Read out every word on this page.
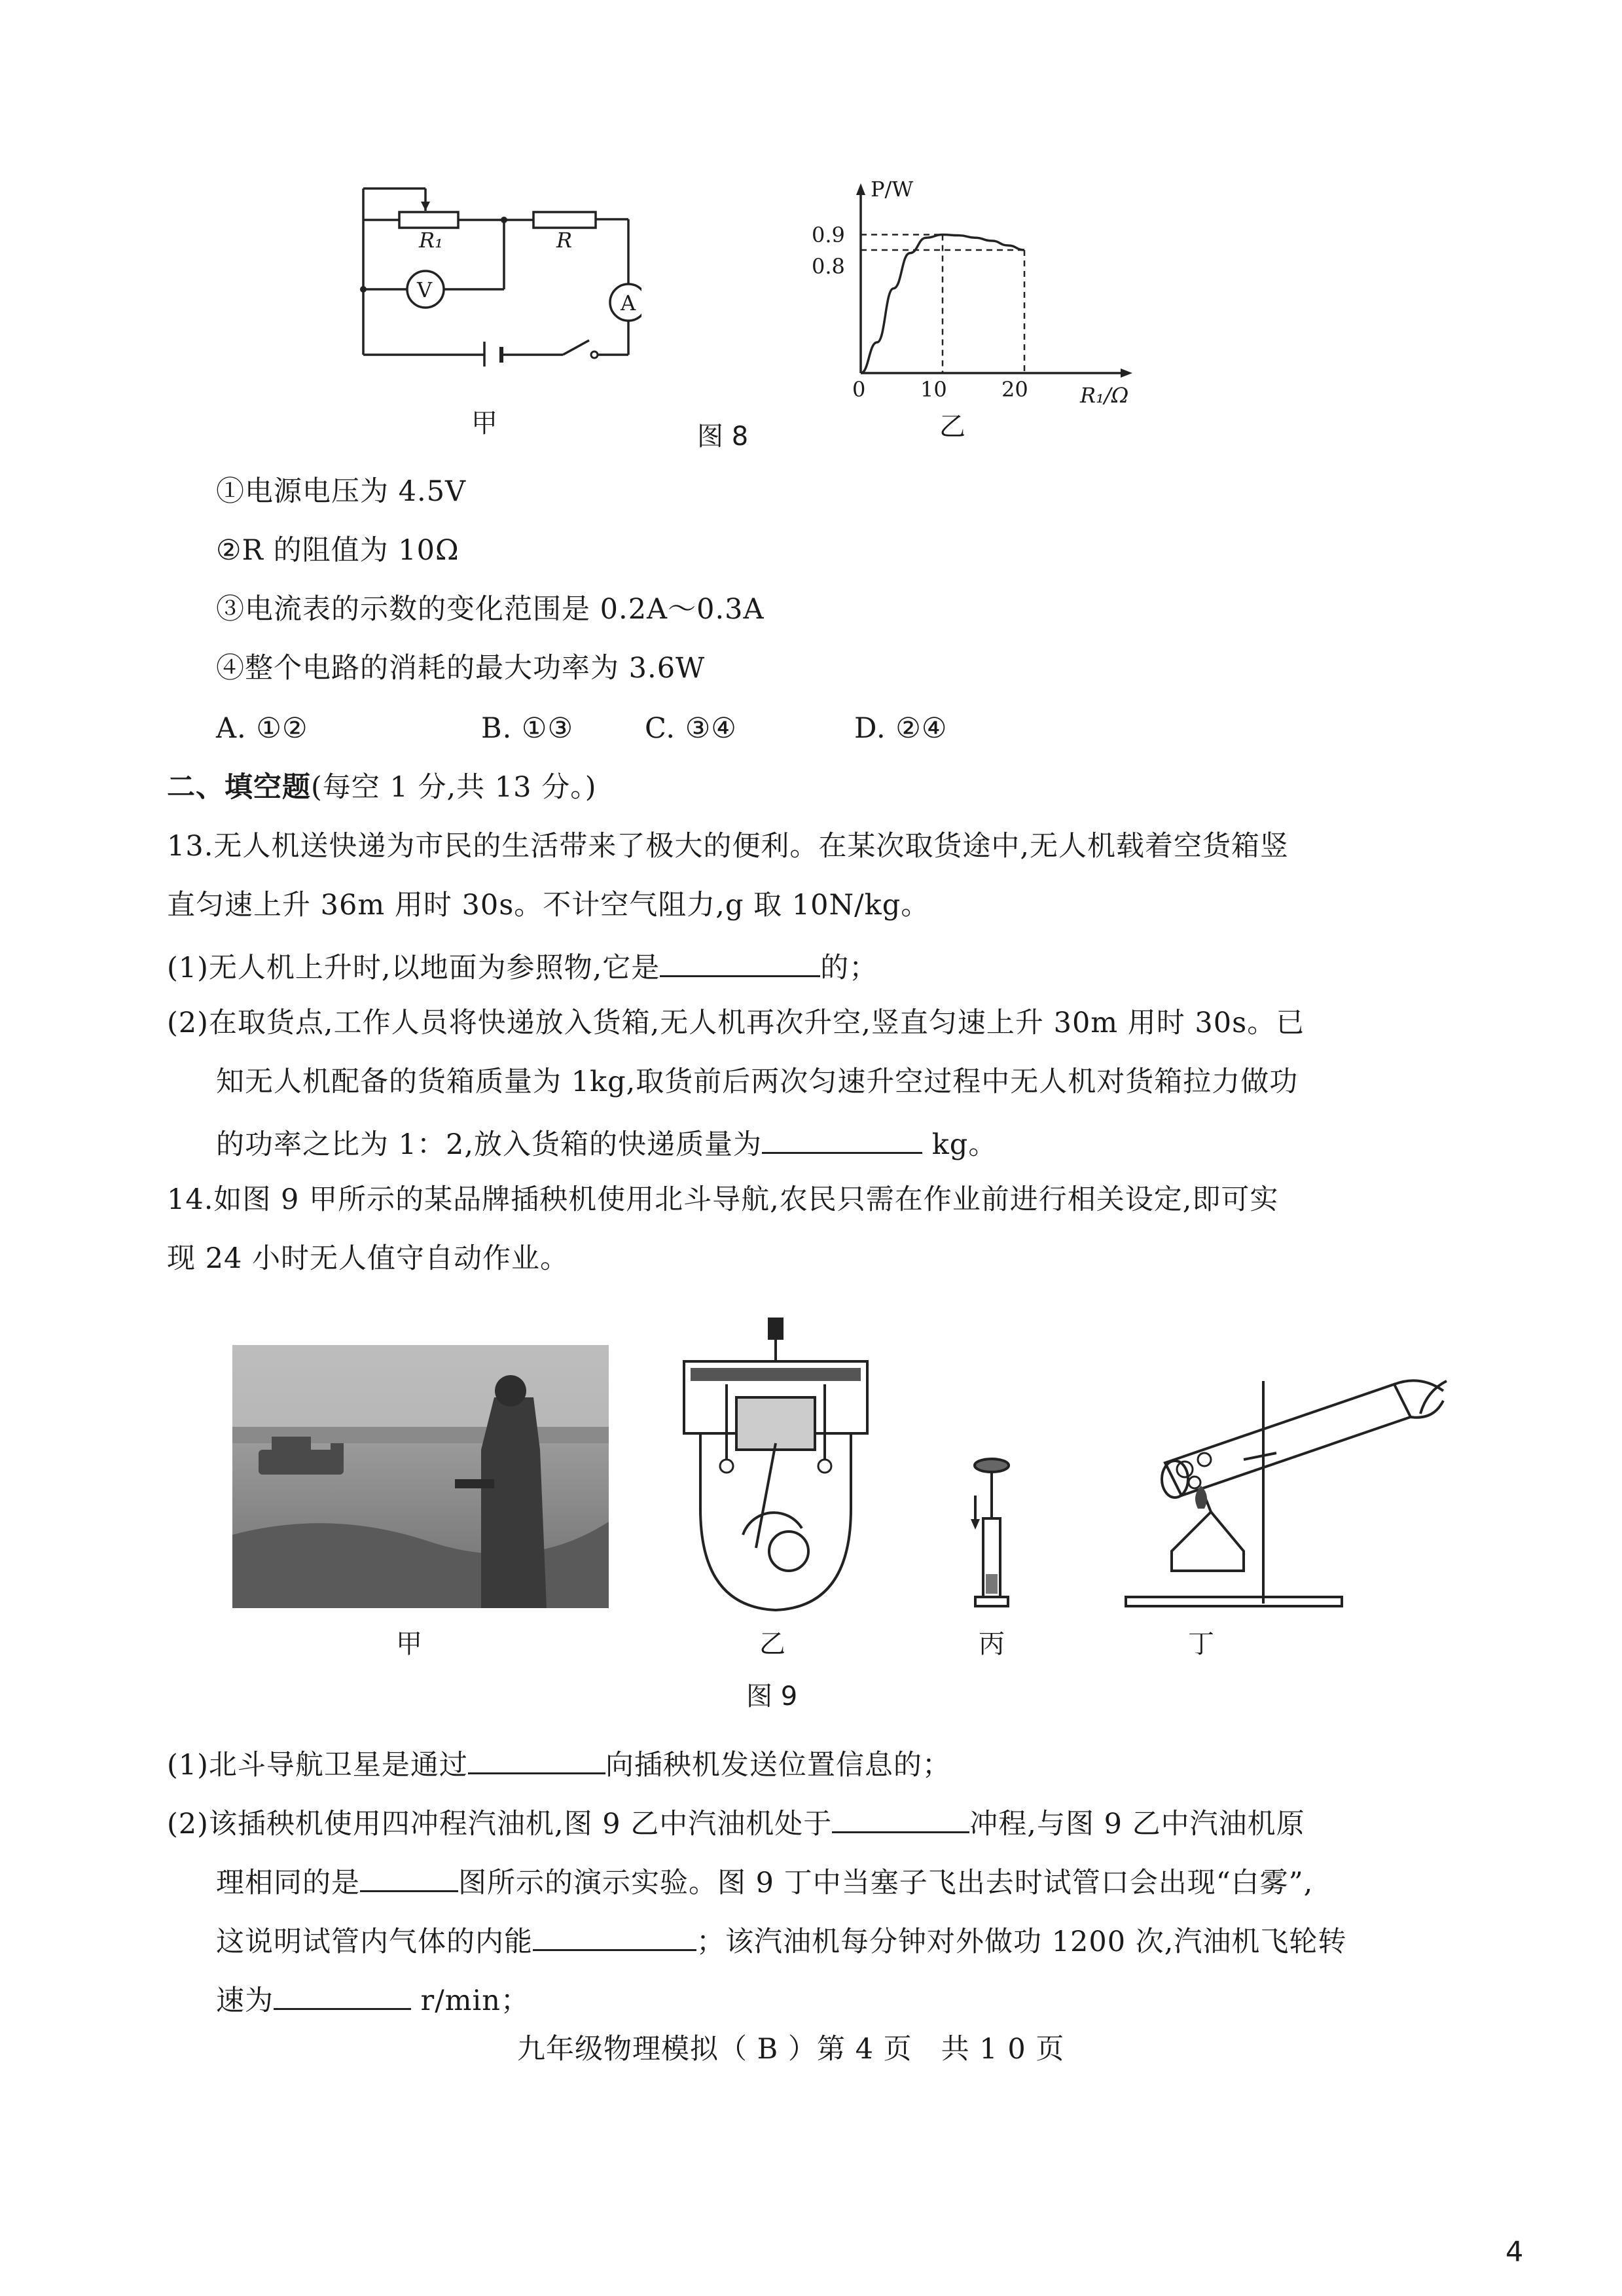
R₁	R
V
A
甲	图 8
P/W
R₁/Ω
0.9
0.8
0	10	20
乙
①电源电压为 4.5V
②R 的阻值为 10Ω
③电流表的示数的变化范围是 0.2A～0.3A
④整个电路的消耗的最大功率为 3.6W
A. ①②	B. ①③	C. ③④	D. ②④
二、填空题(每空 1 分,共 13 分。)
13.无人机送快递为市民的生活带来了极大的便利。在某次取货途中,无人机载着空货箱竖
直匀速上升 36m 用时 30s。不计空气阻力,g 取 10N/kg。
(1)无人机上升时,以地面为参照物,它是	的；
(2)在取货点,工作人员将快递放入货箱,无人机再次升空,竖直匀速上升 30m 用时 30s。已
知无人机配备的货箱质量为 1kg,取货前后两次匀速升空过程中无人机对货箱拉力做功
的功率之比为 1：2,放入货箱的快递质量为	kg。
14.如图 9 甲所示的某品牌插秧机使用北斗导航,农民只需在作业前进行相关设定,即可实
现 24 小时无人值守自动作业。
甲	乙	丙	丁
图 9
(1)北斗导航卫星是通过	向插秧机发送位置信息的；
(2)该插秧机使用四冲程汽油机,图 9 乙中汽油机处于	冲程,与图 9 乙中汽油机原
理相同的是	图所示的演示实验。图 9 丁中当塞子飞出去时试管口会出现“白雾”,
这说明试管内气体的内能	；该汽油机每分钟对外做功 1200 次,汽油机飞轮转
速为	r/min；
九年级物理模拟（ B ）第 4 页　共 1 0 页
4
